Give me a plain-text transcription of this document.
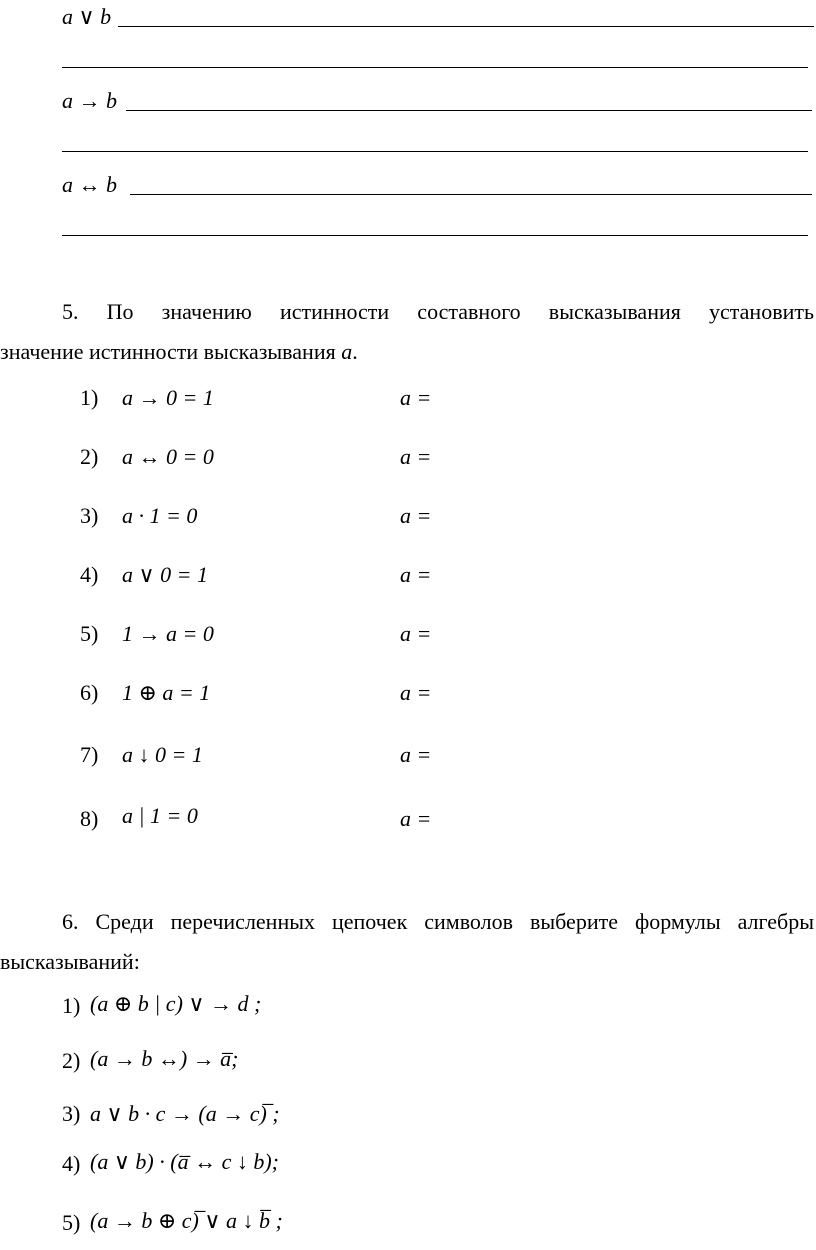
a ∨ b
a → b
a ↔ b
5. По значению истинности составного высказывания установить
значение истинности высказывания a.
1) a → 0 = 1	a =
2) a ↔ 0 = 0	a =
3) a · 1 = 0	a =
4) a ∨ 0 = 1	a =
5) 1 → a = 0	a =
6) 1 ⊕ a = 1	a =
7) a ↓ 0 = 1	a =
8) a | 1 = 0	a =
6. Среди перечисленных цепочек символов выберите формулы алгебры
высказываний:
1) (a ⊕ b | c) ∨ → d ;
2) (a → b ↔) → a̅;
3) a ∨ b · c → (a → c)̅ ;
4) (a ∨ b) · (a̅ ↔ c ↓ b);
5) (a → b ⊕ c)̅ ∨ a ↓ b̅ ;
